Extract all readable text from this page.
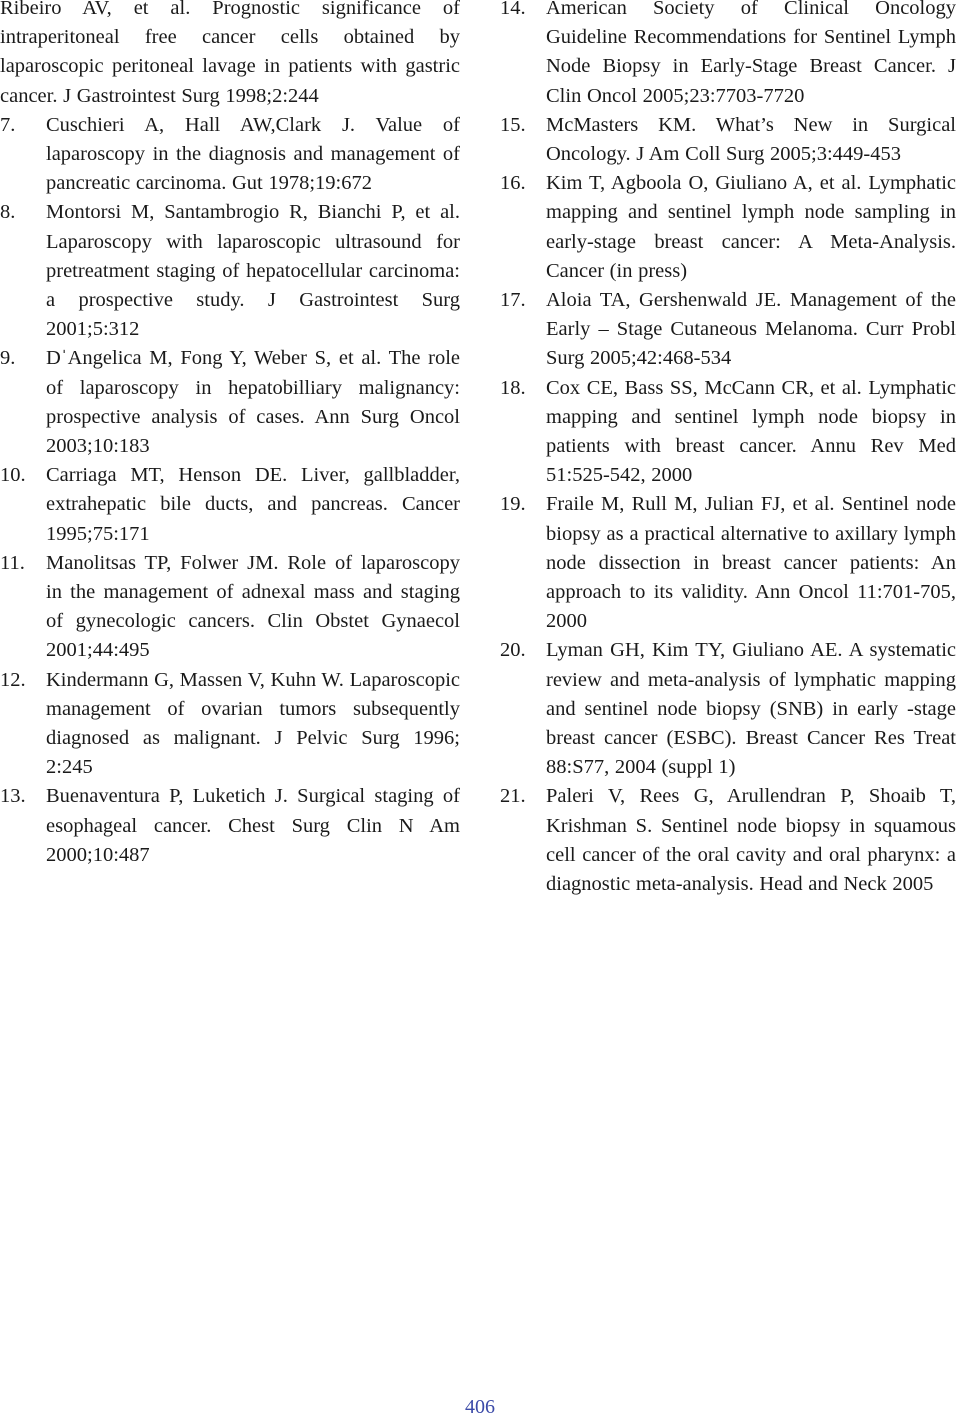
Ribeiro AV, et al. Prognostic significance of intraperitoneal free cancer cells obtained by laparoscopic peritoneal lavage in patients with gastric cancer. J Gastrointest Surg 1998;2:244
7. Cuschieri A, Hall AW,Clark J. Value of laparoscopy in the diagnosis and management of pancreatic carcinoma. Gut 1978;19:672
8. Montorsi M, Santambrogio R, Bianchi P, et al. Laparoscopy with laparoscopic ultrasound for pretreatment staging of hepatocellular carcinoma: a prospective study. J Gastrointest Surg 2001;5:312
9. DˈAngelica M, Fong Y, Weber S, et al. The role of laparoscopy in hepatobilliary malignancy: prospective analysis of cases. Ann Surg Oncol 2003;10:183
10. Carriaga MT, Henson DE. Liver, gallbladder, extrahepatic bile ducts, and pancreas. Cancer 1995;75:171
11. Manolitsas TP, Folwer JM. Role of laparoscopy in the management of adnexal mass and staging of gynecologic cancers. Clin Obstet Gynaecol 2001;44:495
12. Kindermann G, Massen V, Kuhn W. Laparoscopic management of ovarian tumors subsequently diagnosed as malignant. J Pelvic Surg 1996; 2:245
13. Buenaventura P, Luketich J. Surgical staging of esophageal cancer. Chest Surg Clin N Am 2000;10:487
14. American Society of Clinical Oncology Guideline Recommendations for Sentinel Lymph Node Biopsy in Early-Stage Breast Cancer. J Clin Oncol 2005;23:7703-7720
15. McMasters KM. What’s New in Surgical Oncology. J Am Coll Surg 2005;3:449-453
16. Kim T, Agboola O, Giuliano A, et al. Lymphatic mapping and sentinel lymph node sampling in early-stage breast cancer: A Meta-Analysis. Cancer (in press)
17. Aloia TA, Gershenwald JE. Management of the Early – Stage Cutaneous Melanoma. Curr Probl Surg 2005;42:468-534
18. Cox CE, Bass SS, McCann CR, et al. Lymphatic mapping and sentinel lymph node biopsy in patients with breast cancer. Annu Rev Med 51:525-542, 2000
19. Fraile M, Rull M, Julian FJ, et al. Sentinel node biopsy as a practical alternative to axillary lymph node dissection in breast cancer patients: An approach to its validity. Ann Oncol 11:701-705, 2000
20. Lyman GH, Kim TY, Giuliano AE. A systematic review and meta-analysis of lymphatic mapping and sentinel node biopsy (SNB) in early -stage breast cancer (ESBC). Breast Cancer Res Treat 88:S77, 2004 (suppl 1)
21. Paleri V, Rees G, Arullendran P, Shoaib T, Krishman S. Sentinel node biopsy in squamous cell cancer of the oral cavity and oral pharynx: a diagnostic meta-analysis. Head and Neck 2005
406
